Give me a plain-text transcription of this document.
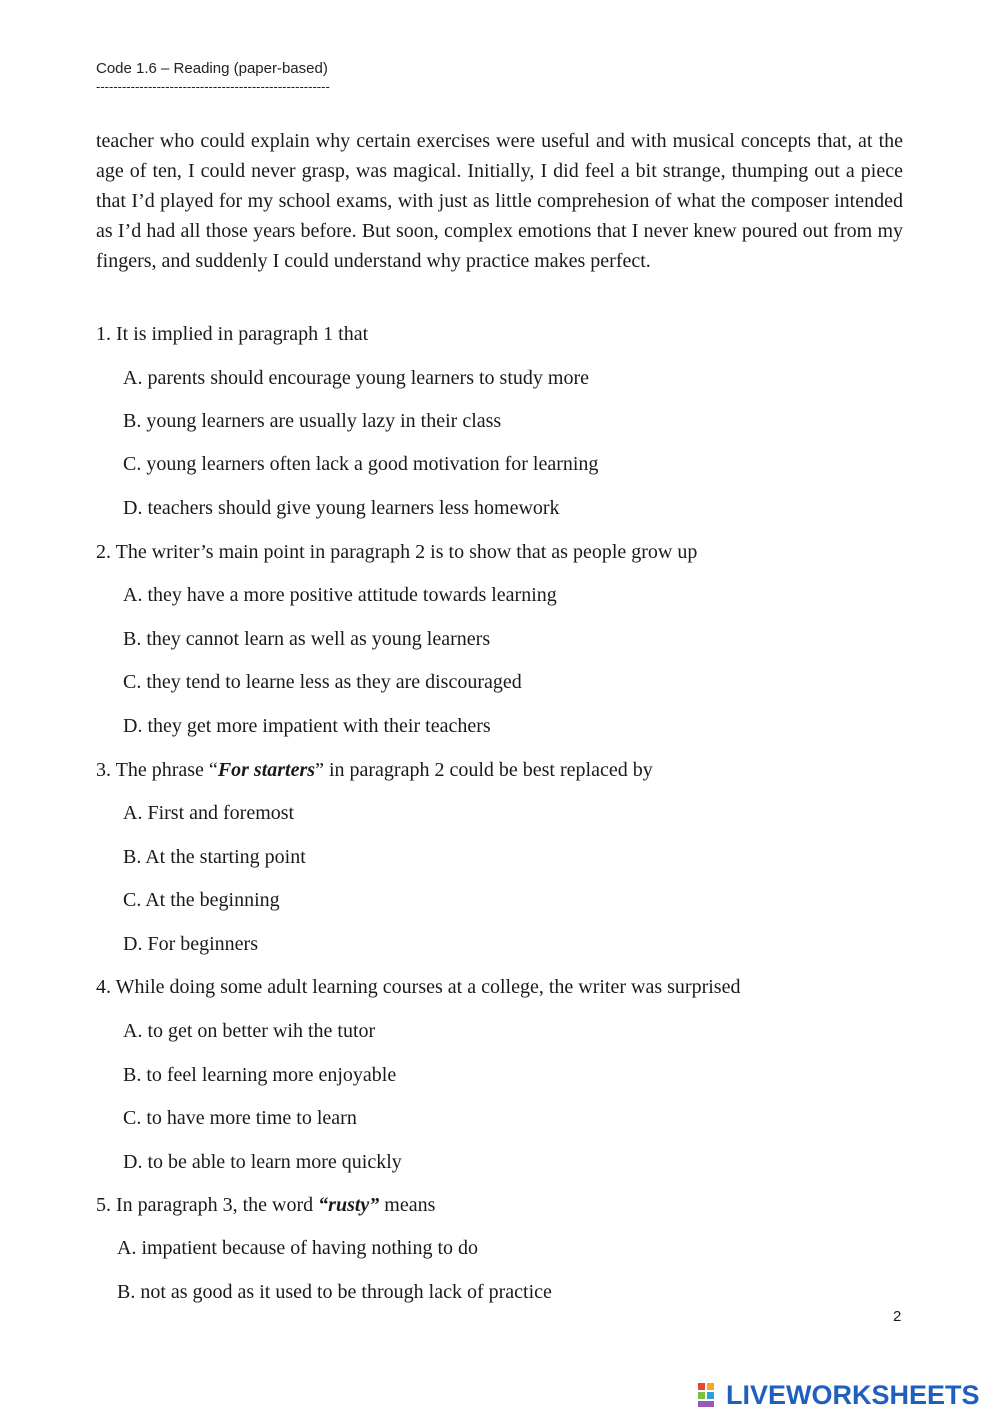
Code 1.6 – Reading (paper-based)
------------------------------------------------------
teacher who could explain why certain exercises were useful and with musical concepts that, at the age of ten, I could never grasp, was magical. Initially, I did feel a bit strange, thumping out a piece that I’d played for my school exams, with just as little comprehesion of what the composer intended as I’d had all those years before. But soon, complex emotions that I never knew poured out from my fingers, and suddenly I could understand why practice makes perfect.
1. It is implied in paragraph 1 that
A. parents should encourage young learners to study more
B. young learners are usually lazy in their class
C. young learners often lack a good motivation for learning
D. teachers should give young learners less homework
2. The writer’s main point in paragraph 2 is to show that as people grow up
A. they have a more positive attitude towards learning
B. they cannot learn as well as young learners
C. they tend to learne less as they are discouraged
D. they get more impatient with their teachers
3. The phrase “For starters” in paragraph 2 could be best replaced by
A. First and foremost
B. At the starting point
C. At the beginning
D. For beginners
4. While doing some adult learning courses at a college, the writer was surprised
A. to get on better wih the tutor
B. to feel learning more enjoyable
C. to have more time to learn
D. to be able to learn more quickly
5. In paragraph 3, the word “rusty” means
A. impatient because of having nothing to do
B. not as good as it used to be through lack of practice
2
LIVEWORKSHEETS
